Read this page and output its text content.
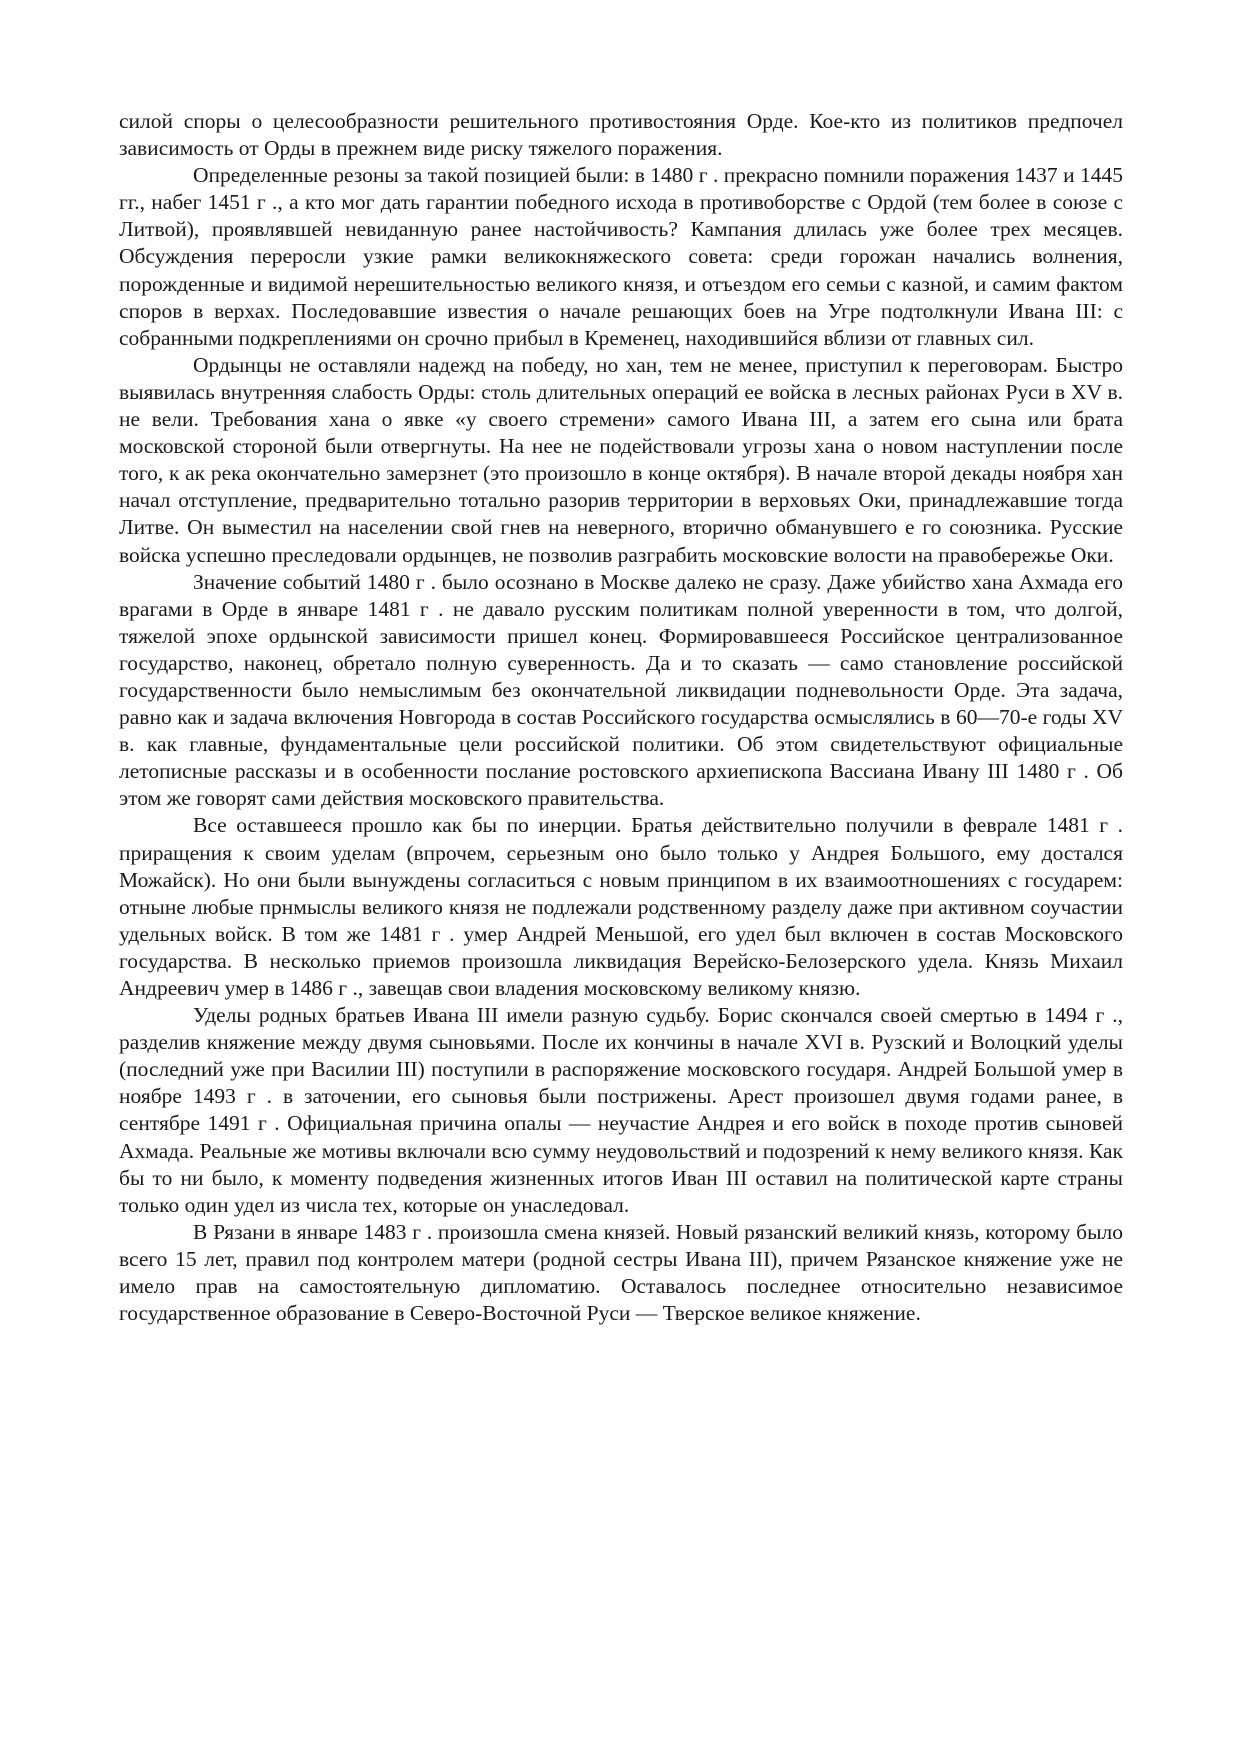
силой споры о целесообразности решительного противостояния Орде. Кое-кто из политиков предпочел зависимость от Орды в прежнем виде риску тяжелого поражения.

Определенные резоны за такой позицией были: в 1480 г . прекрасно помнили поражения 1437 и 1445 гг., набег 1451 г ., а кто мог дать гарантии победного исхода в противоборстве с Ордой (тем более в союзе с Литвой), проявлявшей невиданную ранее настойчивость? Кампания длилась уже более трех месяцев. Обсуждения переросли узкие рамки великокняжеского совета: среди горожан начались волнения, порожденные и видимой нерешительностью великого князя, и отъездом его семьи с казной, и самим фактом споров в верхах. Последовавшие известия о начале решающих боев на Угре подтолкнули Ивана III: с собранными подкреплениями он срочно прибыл в Кременец, находившийся вблизи от главных сил.

Ордынцы не оставляли надежд на победу, но хан, тем не менее, приступил к переговорам. Быстро выявилась внутренняя слабость Орды: столь длительных операций ее войска в лесных районах Руси в XV в. не вели. Требования хана о явке «у своего стремени» самого Ивана III, а затем его сына или брата московской стороной были отвергнуты. На нее не подействовали угрозы хана о новом наступлении после того, к ак река окончательно замерзнет (это произошло в конце октября). В начале второй декады ноября хан начал отступление, предварительно тотально разорив территории в верховьях Оки, принадлежавшие тогда Литве. Он выместил на населении свой гнев на неверного, вторично обманувшего е го союзника. Русские войска успешно преследовали ордынцев, не позволив разграбить московские волости на правобережье Оки.

Значение событий 1480 г . было осознано в Москве далеко не сразу. Даже убийство хана Ахмада его врагами в Орде в январе 1481 г . не давало русским политикам полной уверенности в том, что долгой, тяжелой эпохе ордынской зависимости пришел конец. Формировавшееся Российское централизованное государство, наконец, обретало полную суверенность. Да и то сказать — само становление российской государственности было немыслимым без окончательной ликвидации подневольности Орде. Эта задача, равно как и задача включения Новгорода в состав Российского государства осмыслялись в 60—70-е годы XV в. как главные, фундаментальные цели российской политики. Об этом свидетельствуют официальные летописные рассказы и в особенности послание ростовского архиепископа Вассиана Ивану III 1480 г . Об этом же говорят сами действия московского правительства.

Все оставшееся прошло как бы по инерции. Братья действительно получили в феврале 1481 г . приращения к своим уделам (впрочем, серьезным оно было только у Андрея Большого, ему достался Можайск). Но они были вынуждены согласиться с новым принципом в их взаимоотношениях с государем: отныне любые прнмыслы великого князя не подлежали родственному разделу даже при активном соучастии удельных войск. В том же 1481 г . умер Андрей Меньшой, его удел был включен в состав Московского государства. В несколько приемов произошла ликвидация Верейско-Белозерского удела. Князь Михаил Андреевич умер в 1486 г ., завещав свои владения московскому великому князю.

Уделы родных братьев Ивана III имели разную судьбу. Борис скончался своей смертью в 1494 г ., разделив княжение между двумя сыновьями. После их кончины в начале XVI в. Рузский и Волоцкий уделы (последний уже при Василии III) поступили в распоряжение московского государя. Андрей Большой умер в ноябре 1493 г . в заточении, его сыновья были пострижены. Арест произошел двумя годами ранее, в сентябре 1491 г . Официальная причина опалы — неучастие Андрея и его войск в походе против сыновей Ахмада. Реальные же мотивы включали всю сумму неудовольствий и подозрений к нему великого князя. Как бы то ни было, к моменту подведения жизненных итогов Иван III оставил на политической карте страны только один удел из числа тех, которые он унаследовал.

В Рязани в январе 1483 г . произошла смена князей. Новый рязанский великий князь, которому было всего 15 лет, правил под контролем матери (родной сестры Ивана III), причем Рязанское княжение уже не имело прав на самостоятельную дипломатию. Оставалось последнее относительно независимое государственное образование в Северо-Восточной Руси — Тверское великое княжение.
